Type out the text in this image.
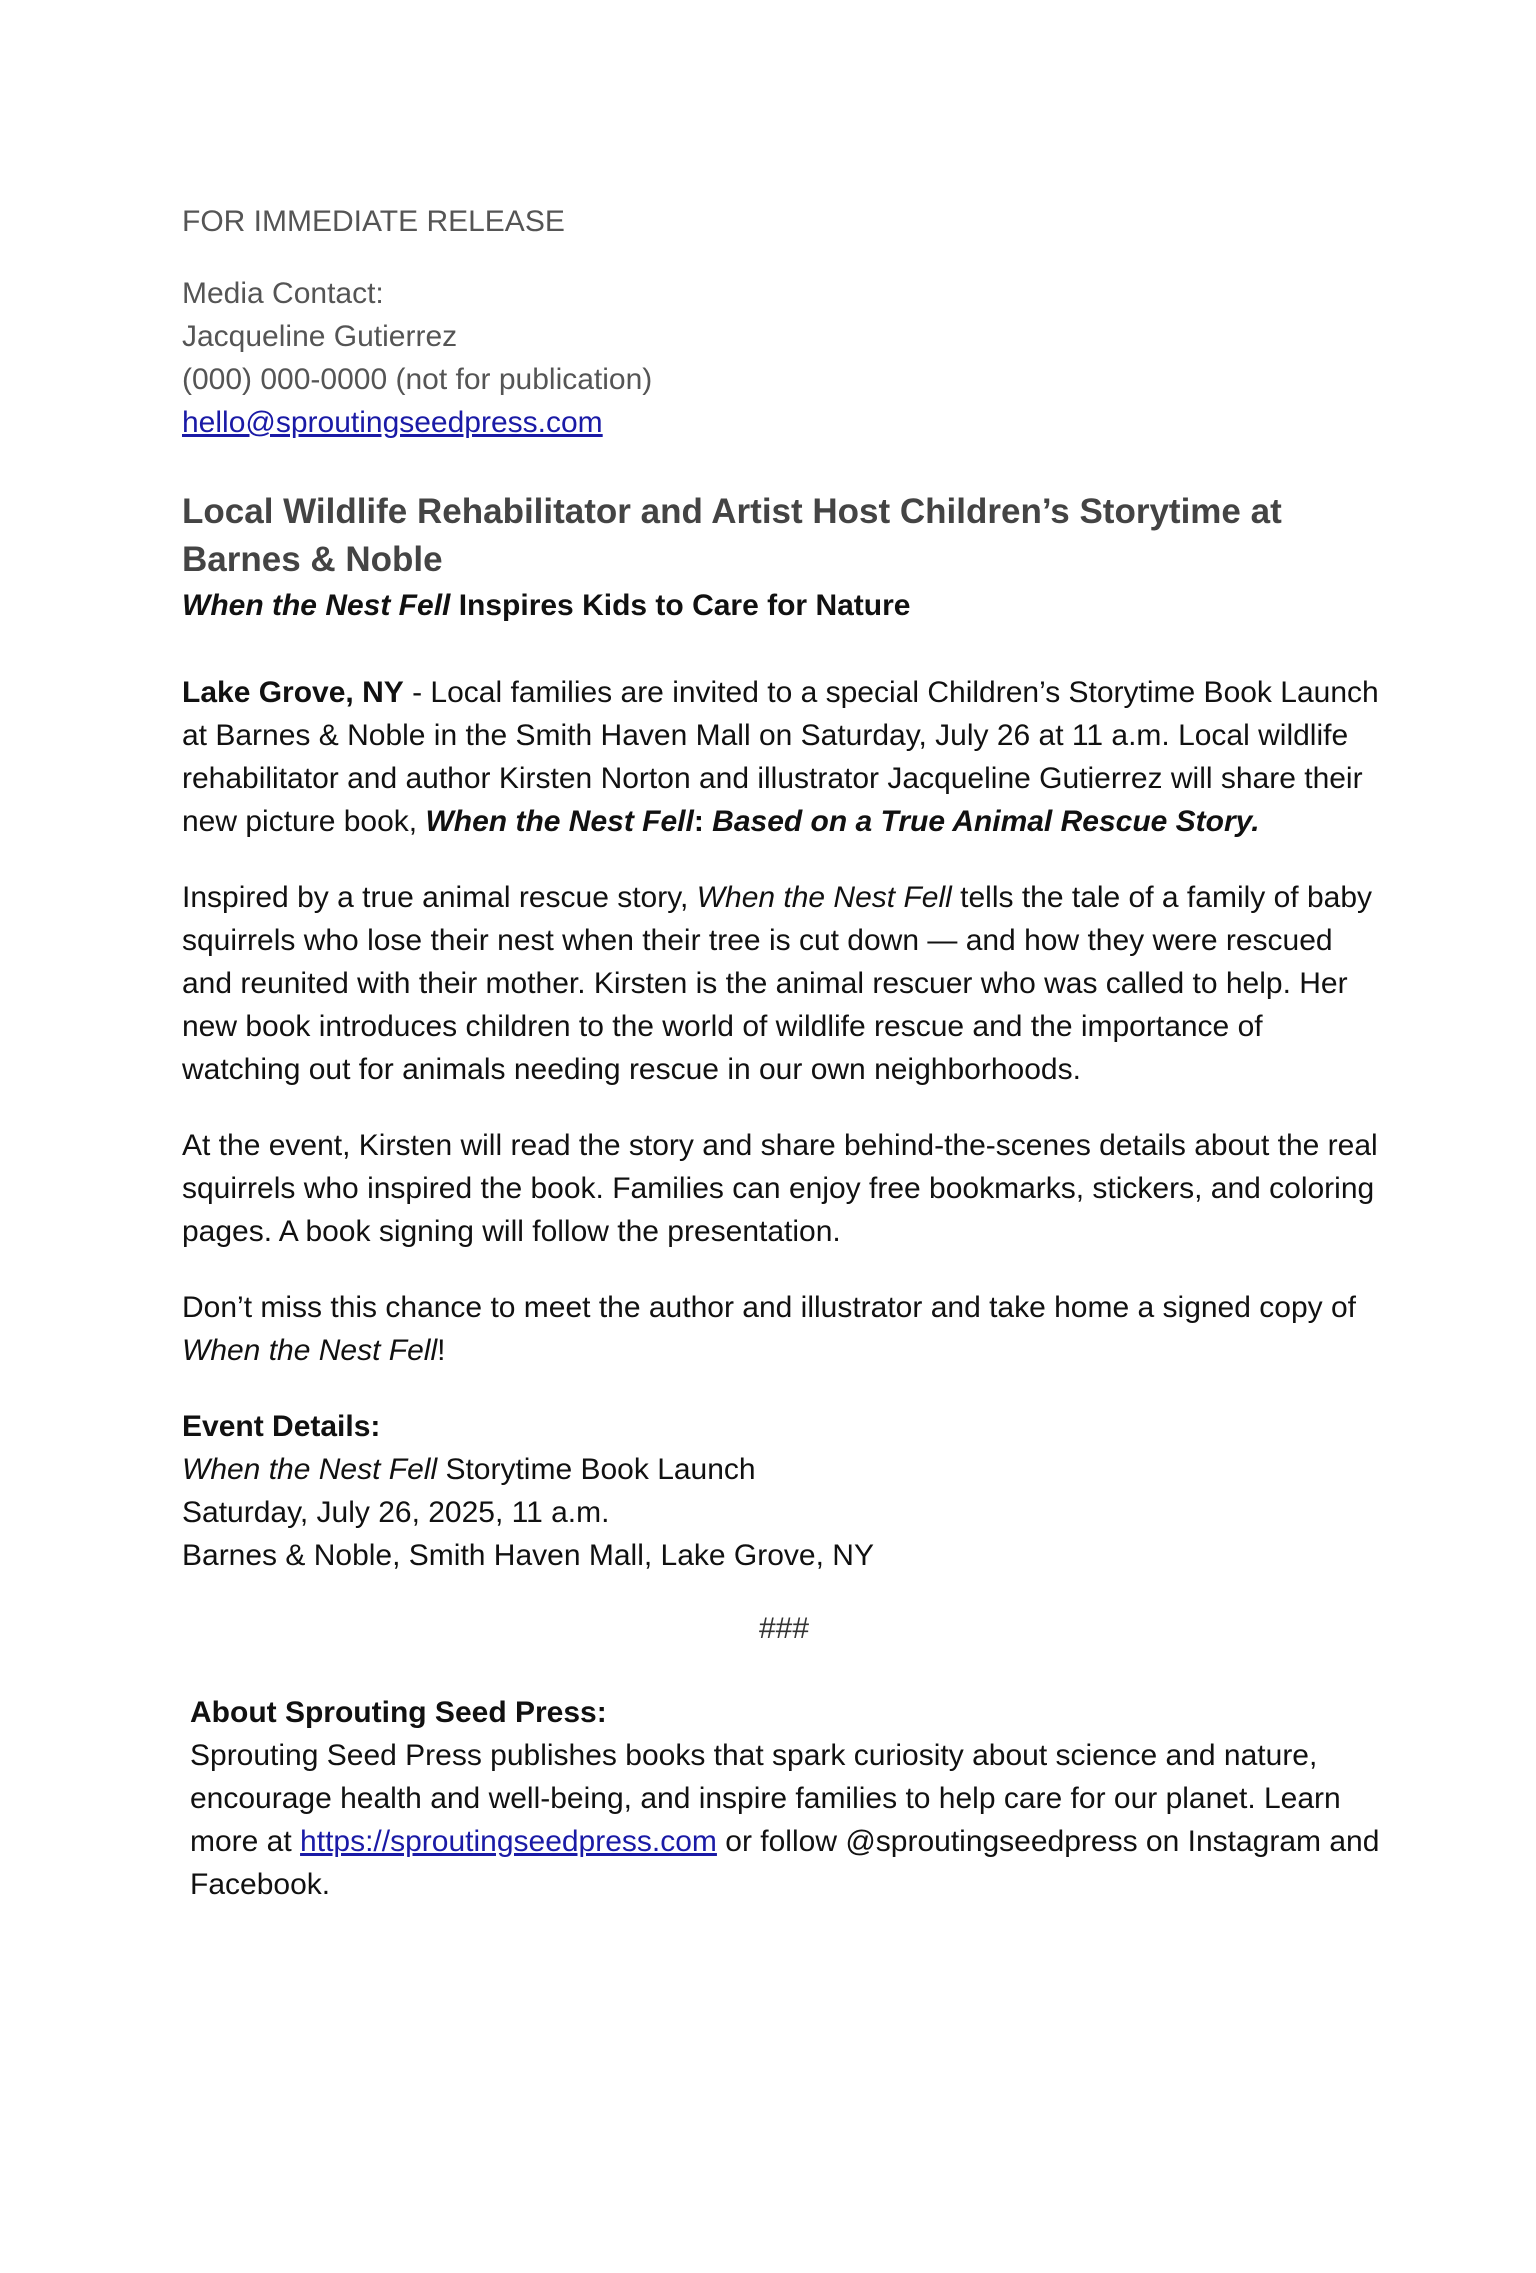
FOR IMMEDIATE RELEASE

Media Contact:
Jacqueline Gutierrez
(000) 000-0000 (not for publication)
hello@sproutingseedpress.com
Local Wildlife Rehabilitator and Artist Host Children’s Storytime at
Barnes & Noble

When the Nest Fell Inspires Kids to Care for Nature

Lake Grove, NY - Local families are invited to a special Children’s Storytime Book Launch at Barnes & Noble in the Smith Haven Mall on Saturday, July 26 at 11 a.m. Local wildlife rehabilitator and author Kirsten Norton and illustrator Jacqueline Gutierrez will share their new picture book, When the Nest Fell: Based on a True Animal Rescue Story.

Inspired by a true animal rescue story, When the Nest Fell tells the tale of a family of baby squirrels who lose their nest when their tree is cut down — and how they were rescued and reunited with their mother. Kirsten is the animal rescuer who was called to help. Her new book introduces children to the world of wildlife rescue and the importance of watching out for animals needing rescue in our own neighborhoods.

At the event, Kirsten will read the story and share behind-the-scenes details about the real squirrels who inspired the book. Families can enjoy free bookmarks, stickers, and coloring pages. A book signing will follow the presentation.

Don’t miss this chance to meet the author and illustrator and take home a signed copy of When the Nest Fell!

Event Details:
When the Nest Fell Storytime Book Launch
Saturday, July 26, 2025, 11 a.m.
Barnes & Noble, Smith Haven Mall, Lake Grove, NY

###

About Sprouting Seed Press:

Sprouting Seed Press publishes books that spark curiosity about science and nature, encourage health and well-being, and inspire families to help care for our planet. Learn more at https://sproutingseedpress.com or follow @sproutingseedpress on Instagram and Facebook.
